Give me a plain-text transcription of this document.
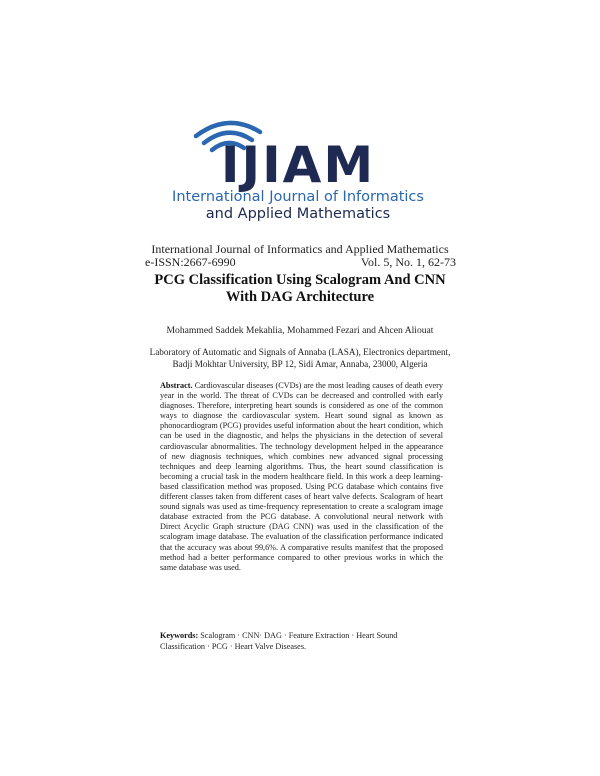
IJIAM
International Journal of Informatics
and Applied Mathematics
International Journal of Informatics and Applied Mathematics
e-ISSN:2667-6990	Vol. 5, No. 1, 62-73
PCG Classification Using Scalogram And CNN
With DAG Architecture
Mohammed Saddek Mekahlia, Mohammed Fezari and Ahcen Aliouat
Laboratory of Automatic and Signals of Annaba (LASA), Electronics department,
Badji Mokhtar University, BP 12, Sidi Amar, Annaba, 23000, Algeria
Abstract. Cardiovascular diseases (CVDs) are the most leading causes of death every year in the world. The threat of CVDs can be decreased and controlled with early diagnoses. Therefore, interpreting heart sounds is considered as one of the common ways to diagnose the cardiovascular system. Heart sound signal as known as phonocardiogram (PCG) provides useful information about the heart condition, which can be used in the diagnostic, and helps the physicians in the detection of several cardiovascular abnormalities. The technology development helped in the appearance of new diagnosis techniques, which combines new advanced signal processing techniques and deep learning algorithms. Thus, the heart sound classification is becoming a crucial task in the modern healthcare field. In this work a deep learning-based classification method was proposed. Using PCG database which contains five different classes taken from different cases of heart valve defects. Scalogram of heart sound signals was used as time-frequency representation to create a scalogram image database extracted from the PCG database. A convolutional neural network with Direct Acyclic Graph structure (DAG CNN) was used in the classification of the scalogram image database. The evaluation of the classification performance indicated that the accuracy was about 99,6%. A comparative results manifest that the proposed method had a better performance compared to other previous works in which the same database was used.
Keywords: Scalogram · CNN· DAG · Feature Extraction · Heart Sound Classification · PCG · Heart Valve Diseases.
